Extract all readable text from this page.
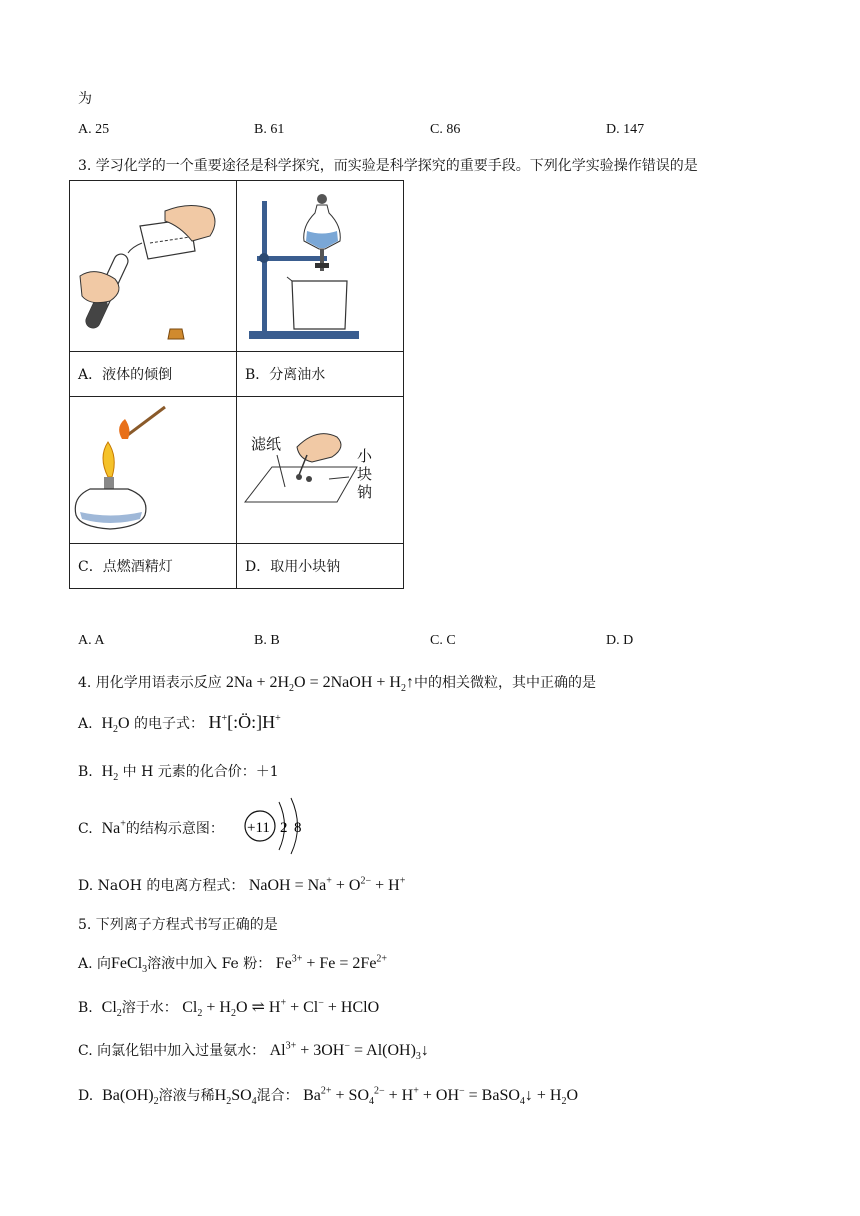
为
A. 25	B. 61	C. 86	D. 147
3. 学习化学的一个重要途径是科学探究，而实验是科学探究的重要手段。下列化学实验操作错误的是

A．液体的倾倒	B．分离油水

滤纸
小
块
钠

C．点燃酒精灯	D．取用小块钠
A. A	B. B	C. C	D. D
4. 用化学用语表示反应 $2Na + 2H_2O$ = 2NaOH + $H_2↑$中的相关微粒，其中正确的是
A. $H_2O$ 的电子式： H+[:Ö:]H+
B. $H_2$ 中 H 元素的化合价：＋1
C. Na+的结构示意图： +11 2 8
D. NaOH 的电离方程式： NaOH = $Na^+ + O^{2-} + H^+$
5. 下列离子方程式书写正确的是
A. 向FeCl$_3$溶液中加入 Fe 粉： $Fe^{3+} + Fe = 2Fe^{2+}$
B. $Cl_2$溶于水： $Cl_2 + H_2O$ ⇌ H+ + Cl− + HClO
C. 向氯化铝中加入过量氨水： $Al^{3+} + 3OH^-$ = $Al(OH)_3↓$
D. $Ba(OH)_2$溶液与稀$H_2SO_4$混合： $Ba^{2+} + SO_4^{2-} + H^+ + OH^-$ = BaSO$_4$↓ + $H_2O$
